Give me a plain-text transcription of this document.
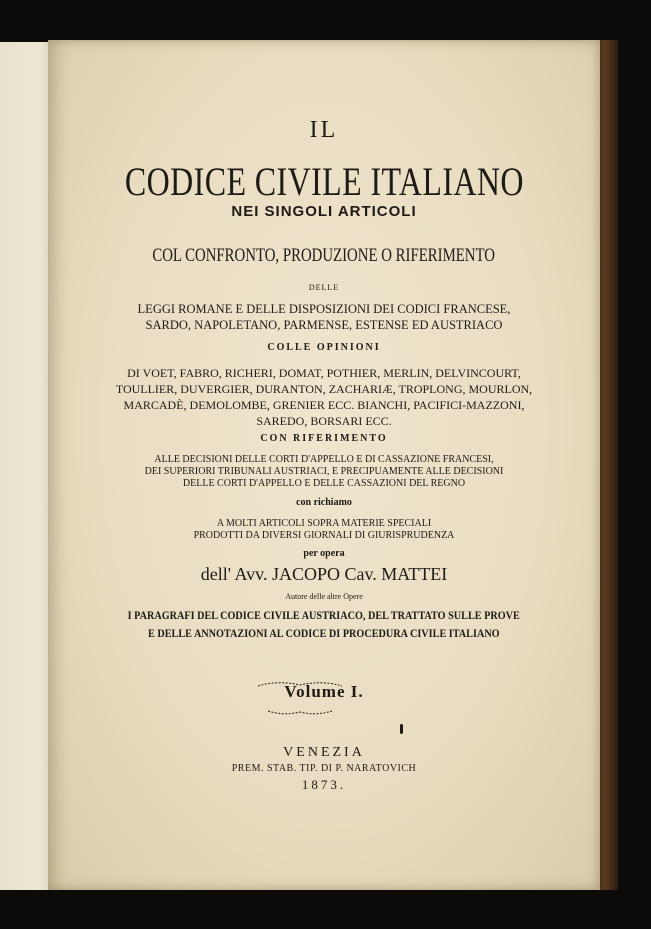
IL
CODICE CIVILE ITALIANO
NEI SINGOLI ARTICOLI
COL CONFRONTO, PRODUZIONE O RIFERIMENTO
DELLE
LEGGI ROMANE E DELLE DISPOSIZIONI DEI CODICI FRANCESE,
SARDO, NAPOLETANO, PARMENSE, ESTENSE ED AUSTRIACO
COLLE OPINIONI
DI VOET, FABRO, RICHERI, DOMAT, POTHIER, MERLIN, DELVINCOURT,
TOULLIER, DUVERGIER, DURANTON, ZACHARIÆ, TROPLONG, MOURLON,
MARCADÈ, DEMOLOMBE, GRENIER ECC. BIANCHI, PACIFICI-MAZZONI,
SAREDO, BORSARI ECC.
CON RIFERIMENTO
ALLE DECISIONI DELLE CORTI D'APPELLO E DI CASSAZIONE FRANCESI,
DEI SUPERIORI TRIBUNALI AUSTRIACI, E PRECIPUAMENTE ALLE DECISIONI
DELLE CORTI D'APPELLO E DELLE CASSAZIONI DEL REGNO
con richiamo
A MOLTI ARTICOLI SOPRA MATERIE SPECIALI
PRODOTTI DA DIVERSI GIORNALI DI GIURISPRUDENZA
per opera
dell' Avv. JACOPO Cav. MATTEI
Autore delle altre Opere
I PARAGRAFI DEL CODICE CIVILE AUSTRIACO, DEL TRATTATO SULLE PROVE
E DELLE ANNOTAZIONI AL CODICE DI PROCEDURA CIVILE ITALIANO
Volume I.
VENEZIA
PREM. STAB. TIP. DI P. NARATOVICH
1873.
